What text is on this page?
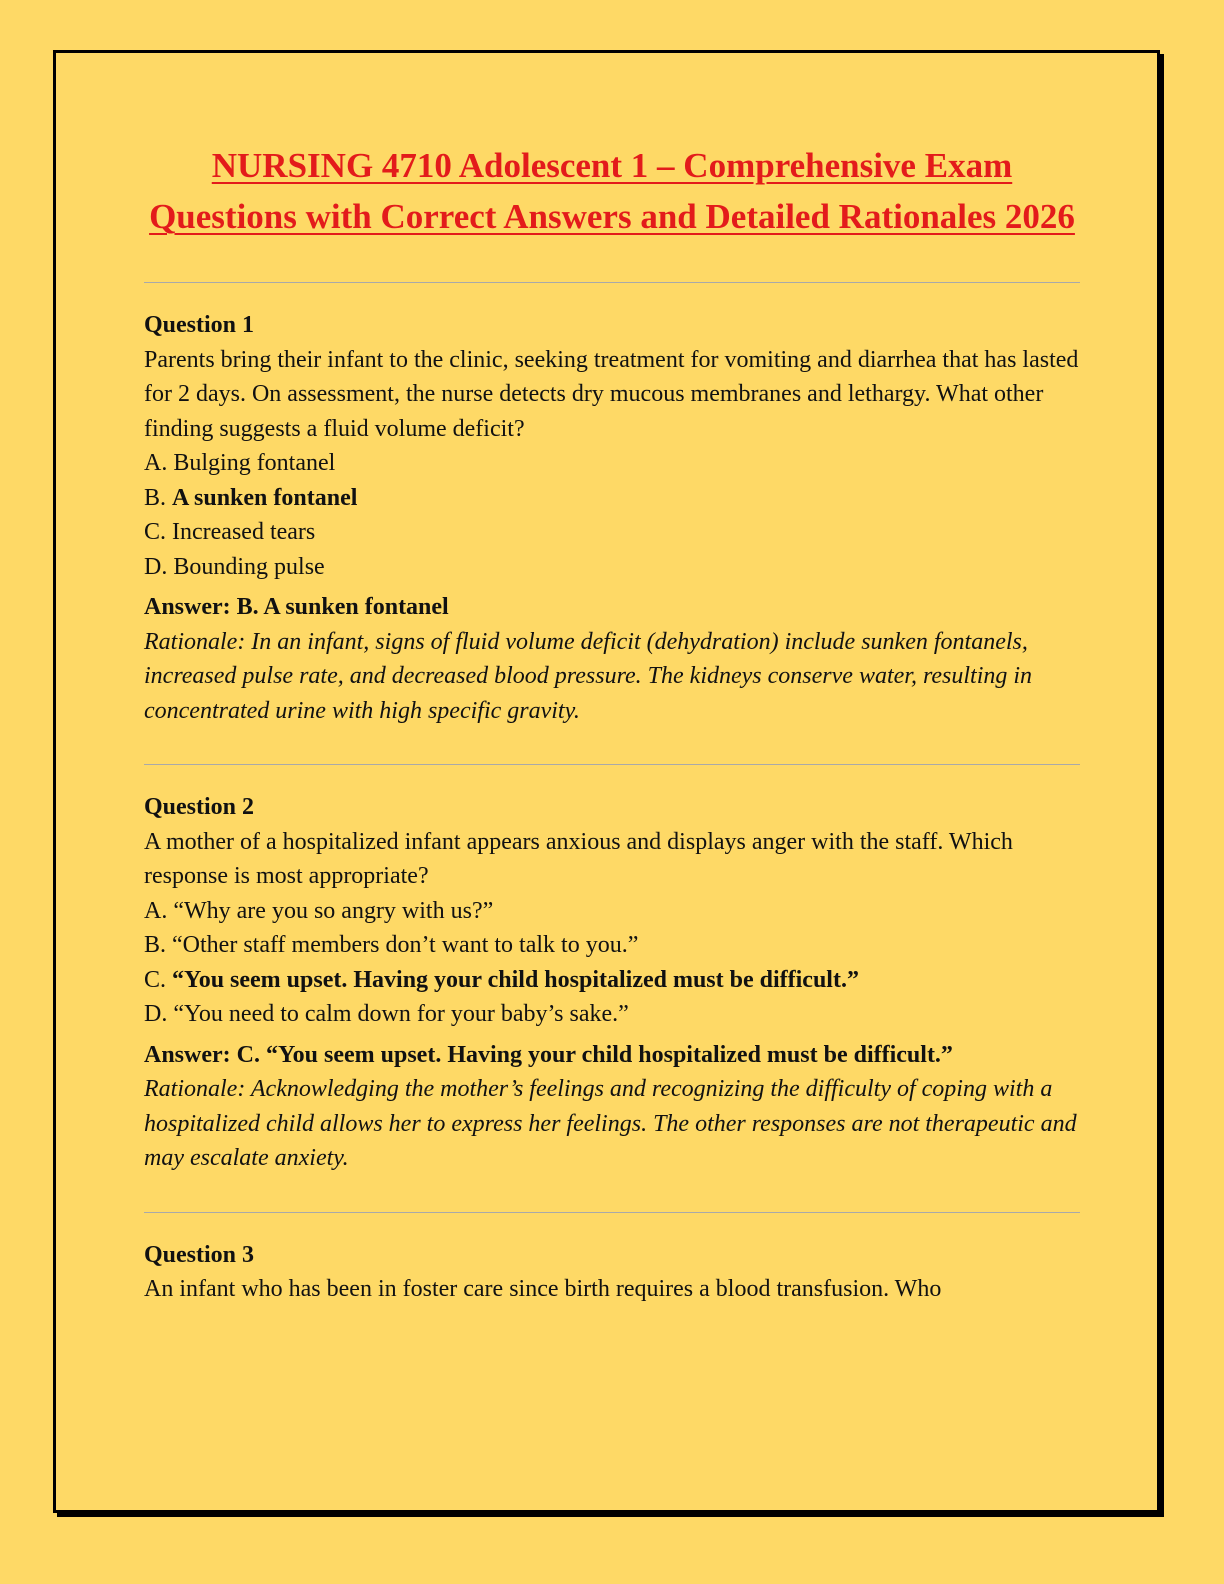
NURSING 4710 Adolescent 1 – Comprehensive Exam Questions with Correct Answers and Detailed Rationales 2026
Question 1
Parents bring their infant to the clinic, seeking treatment for vomiting and diarrhea that has lasted for 2 days. On assessment, the nurse detects dry mucous membranes and lethargy. What other finding suggests a fluid volume deficit?
A. Bulging fontanel
B. A sunken fontanel
C. Increased tears
D. Bounding pulse
Answer: B. A sunken fontanel
Rationale: In an infant, signs of fluid volume deficit (dehydration) include sunken fontanels, increased pulse rate, and decreased blood pressure. The kidneys conserve water, resulting in concentrated urine with high specific gravity.
Question 2
A mother of a hospitalized infant appears anxious and displays anger with the staff. Which response is most appropriate?
A. “Why are you so angry with us?”
B. “Other staff members don’t want to talk to you.”
C. “You seem upset. Having your child hospitalized must be difficult.”
D. “You need to calm down for your baby’s sake.”
Answer: C. “You seem upset. Having your child hospitalized must be difficult.”
Rationale: Acknowledging the mother’s feelings and recognizing the difficulty of coping with a hospitalized child allows her to express her feelings. The other responses are not therapeutic and may escalate anxiety.
Question 3
An infant who has been in foster care since birth requires a blood transfusion. Who
